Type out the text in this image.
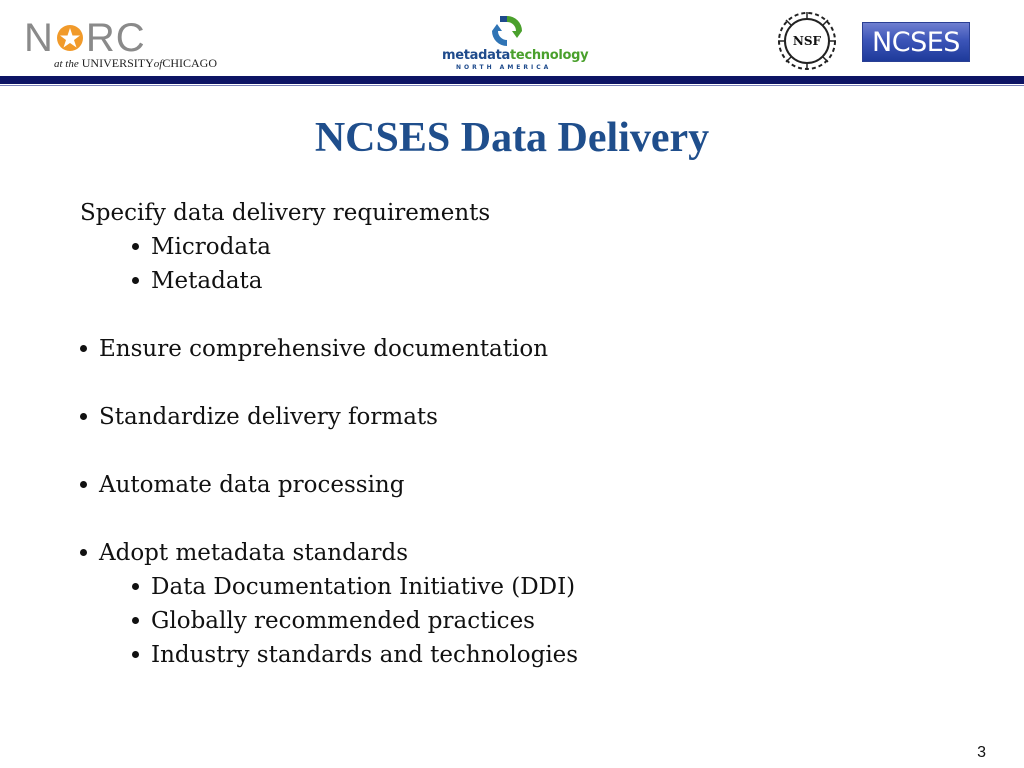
N RC
at the UNIVERSITYofCHICAGO	metadatatechnology
NORTH AMERICA
NSF	NCSES
NCSES Data Delivery
Specify data delivery requirements
Microdata
Metadata
Ensure comprehensive documentation
Standardize delivery formats
Automate data processing
Adopt metadata standards
Data Documentation Initiative (DDI)
Globally recommended practices
Industry standards and technologies
3
